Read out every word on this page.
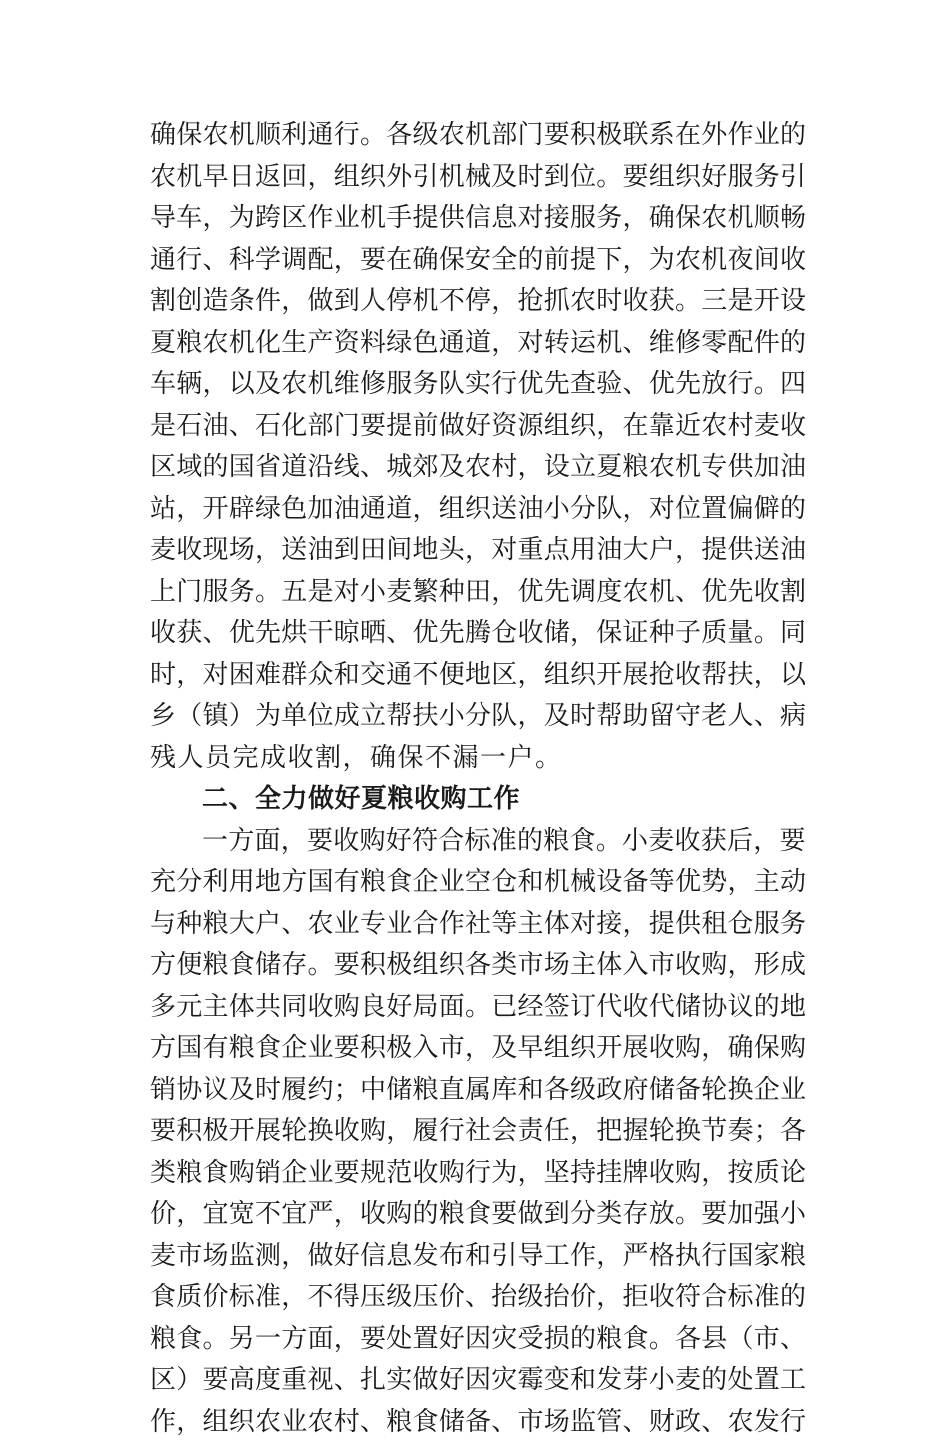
确保农机顺利通行。各级农机部门要积极联系在外作业的
农机早日返回，组织外引机械及时到位。要组织好服务引
导车，为跨区作业机手提供信息对接服务，确保农机顺畅
通行、科学调配，要在确保安全的前提下，为农机夜间收
割创造条件，做到人停机不停，抢抓农时收获。三是开设
夏粮农机化生产资料绿色通道，对转运机、维修零配件的
车辆，以及农机维修服务队实行优先查验、优先放行。四
是石油、石化部门要提前做好资源组织，在靠近农村麦收
区域的国省道沿线、城郊及农村，设立夏粮农机专供加油
站，开辟绿色加油通道，组织送油小分队，对位置偏僻的
麦收现场，送油到田间地头，对重点用油大户，提供送油
上门服务。五是对小麦繁种田，优先调度农机、优先收割
收获、优先烘干晾晒、优先腾仓收储，保证种子质量。同
时，对困难群众和交通不便地区，组织开展抢收帮扶，以
乡（镇）为单位成立帮扶小分队，及时帮助留守老人、病
残人员完成收割，确保不漏一户。
二、全力做好夏粮收购工作
一方面，要收购好符合标准的粮食。小麦收获后，要
充分利用地方国有粮食企业空仓和机械设备等优势，主动
与种粮大户、农业专业合作社等主体对接，提供租仓服务
方便粮食储存。要积极组织各类市场主体入市收购，形成
多元主体共同收购良好局面。已经签订代收代储协议的地
方国有粮食企业要积极入市，及早组织开展收购，确保购
销协议及时履约；中储粮直属库和各级政府储备轮换企业
要积极开展轮换收购，履行社会责任，把握轮换节奏；各
类粮食购销企业要规范收购行为，坚持挂牌收购，按质论
价，宜宽不宜严，收购的粮食要做到分类存放。要加强小
麦市场监测，做好信息发布和引导工作，严格执行国家粮
食质价标准，不得压级压价、抬级抬价，拒收符合标准的
粮食。另一方面，要处置好因灾受损的粮食。各县（市、
区）要高度重视、扎实做好因灾霉变和发芽小麦的处置工
作，组织农业农村、粮食储备、市场监管、财政、农发行
